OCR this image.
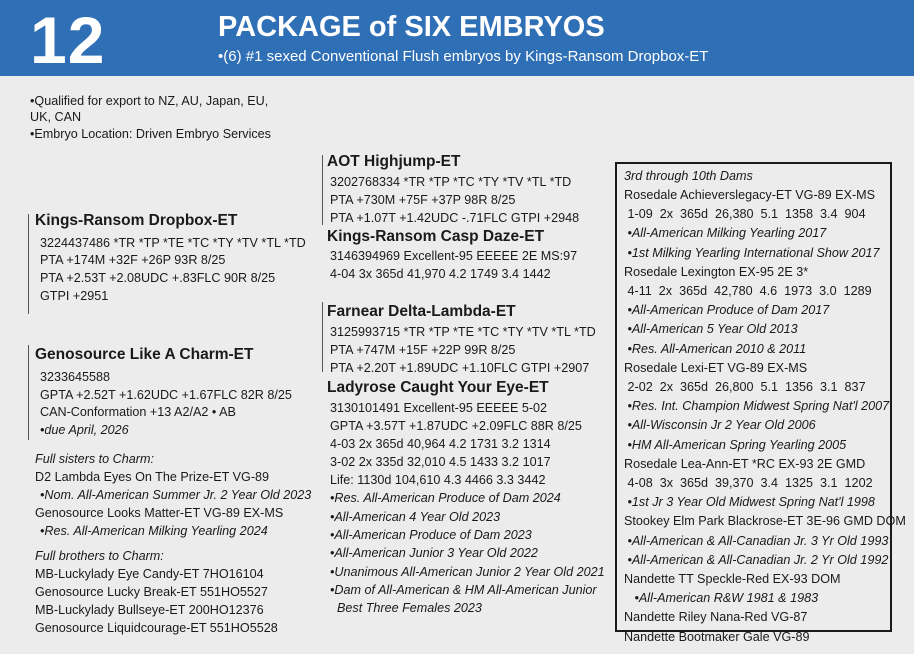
12	PACKAGE of SIX EMBRYOS
•(6) #1 sexed Conventional Flush embryos by Kings-Ransom Dropbox-ET
•Qualified for export to NZ, AU, Japan, EU,
UK, CAN
•Embryo Location: Driven Embryo Services
Kings-Ransom Dropbox-ET
3224437486 *TR *TP *TE *TC *TY *TV *TL *TD
PTA +174M +32F +26P 93R 8/25
PTA +2.53T +2.08UDC +.83FLC 90R 8/25
GTPI +2951
Genosource Like A Charm-ET
3233645588
GPTA +2.52T +1.62UDC +1.67FLC 82R 8/25
CAN-Conformation +13 A2/A2 • AB
•due April, 2026
Full sisters to Charm:
D2 Lambda Eyes On The Prize-ET VG-89
•Nom. All-American Summer Jr. 2 Year Old 2023
Genosource Looks Matter-ET VG-89 EX-MS
•Res. All-American Milking Yearling 2024
Full brothers to Charm:
MB-Luckylady Eye Candy-ET 7HO16104
Genosource Lucky Break-ET 551HO5527
MB-Luckylady Bullseye-ET 200HO12376
Genosource Liquidcourage-ET 551HO5528
AOT Highjump-ET
3202768334 *TR *TP *TC *TY *TV *TL *TD
PTA +730M +75F +37P 98R 8/25
PTA +1.07T +1.42UDC -.71FLC GTPI +2948
Kings-Ransom Casp Daze-ET
3146394969 Excellent-95 EEEEE 2E MS:97
4-04 3x 365d 41,970 4.2 1749 3.4 1442
Farnear Delta-Lambda-ET
3125993715 *TR *TP *TE *TC *TY *TV *TL *TD
PTA +747M +15F +22P 99R 8/25
PTA +2.20T +1.89UDC +1.10FLC GTPI +2907
Ladyrose Caught Your Eye-ET
3130101491 Excellent-95 EEEEE 5-02
GPTA +3.57T +1.87UDC +2.09FLC 88R 8/25
4-03 2x 365d 40,964 4.2 1731 3.2 1314
3-02 2x 335d 32,010 4.5 1433 3.2 1017
Life: 1130d 104,610 4.3 4466 3.3 3442
•Res. All-American Produce of Dam 2024
•All-American 4 Year Old 2023
•All-American Produce of Dam 2023
•All-American Junior 3 Year Old 2022
•Unanimous All-American Junior 2 Year Old 2021
•Dam of All-American & HM All-American Junior
Best Three Females 2023
3rd through 10th Dams
Rosedale Achieverslegacy-ET VG-89 EX-MS
1-09  2x  365d  26,380  5.1  1358  3.4  904
•All-American Milking Yearling 2017
•1st Milking Yearling International Show 2017
Rosedale Lexington EX-95 2E 3*
4-11  2x  365d  42,780  4.6  1973  3.0  1289
•All-American Produce of Dam 2017
•All-American 5 Year Old 2013
•Res. All-American 2010 & 2011
Rosedale Lexi-ET VG-89 EX-MS
2-02  2x  365d  26,800  5.1  1356  3.1  837
•Res. Int. Champion Midwest Spring Nat'l 2007
•All-Wisconsin Jr 2 Year Old 2006
•HM All-American Spring Yearling 2005
Rosedale Lea-Ann-ET *RC EX-93 2E GMD
4-08  3x  365d  39,370  3.4  1325  3.1  1202
•1st Jr 3 Year Old Midwest Spring Nat'l 1998
Stookey Elm Park Blackrose-ET 3E-96 GMD DOM
•All-American & All-Canadian Jr. 3 Yr Old 1993
•All-American & All-Canadian Jr. 2 Yr Old 1992
Nandette TT Speckle-Red EX-93 DOM
•All-American R&W 1981 & 1983
Nandette Riley Nana-Red VG-87
Nandette Bootmaker Gale VG-89
